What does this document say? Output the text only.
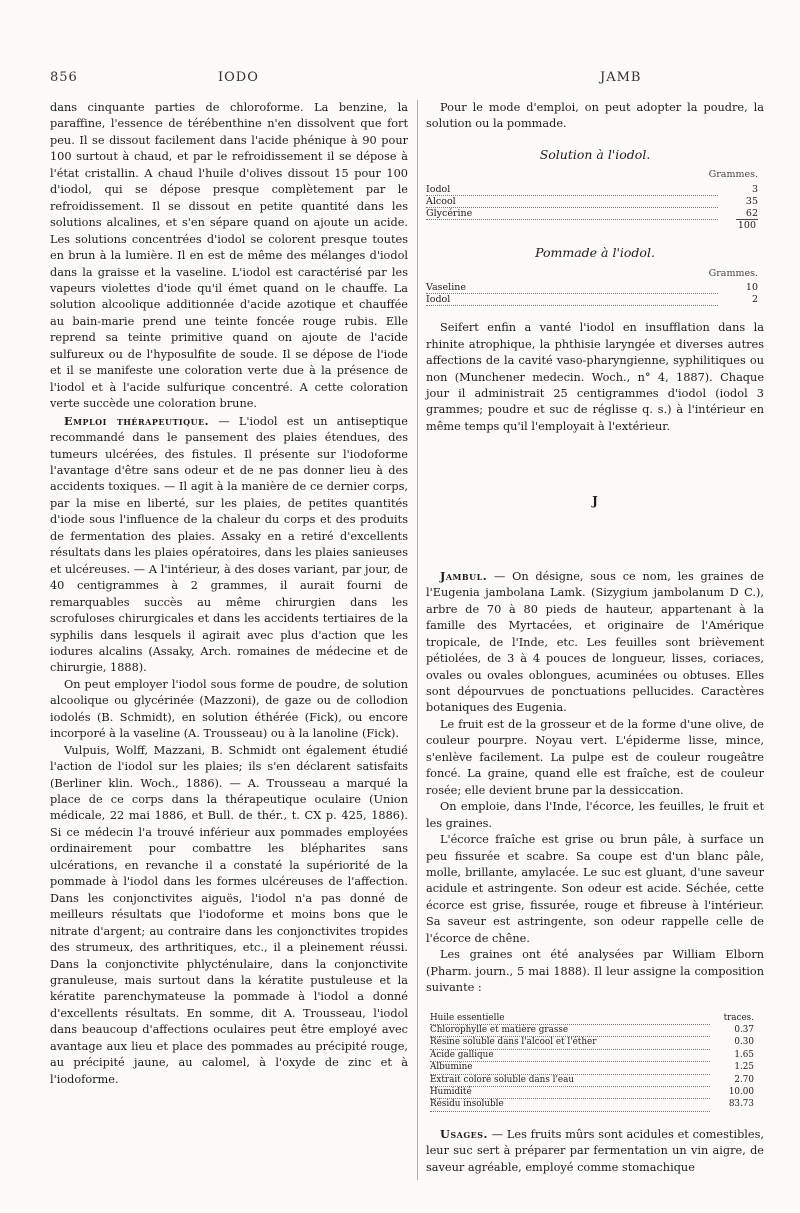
856	IODO	JAMB

dans cinquante parties de chloroforme. La benzine, la paraffine, l'essence de térébenthine n'en dissolvent que fort peu. Il se dissout facilement dans l'acide phénique à 90 pour 100 surtout à chaud, et par le refroidissement il se dépose à l'état cristallin. A chaud l'huile d'olives dissout 15 pour 100 d'iodol, qui se dépose presque complètement par le refroidissement. Il se dissout en petite quantité dans les solutions alcalines, et s'en sépare quand on ajoute un acide. Les solutions concentrées d'iodol se colorent presque toutes en brun à la lumière. Il en est de même des mélanges d'iodol dans la graisse et la vaseline. L'iodol est caractérisé par les vapeurs violettes d'iode qu'il émet quand on le chauffe. La solution alcoolique additionnée d'acide azotique et chauffée au bain-marie prend une teinte foncée rouge rubis. Elle reprend sa teinte primitive quand on ajoute de l'acide sulfureux ou de l'hyposulfite de soude. Il se dépose de l'iode et il se manifeste une coloration verte due à la présence de l'iodol et à l'acide sulfurique concentré. A cette coloration verte succède une coloration brune.

Emploi thérapeutique. — L'iodol est un antiseptique recommandé dans le pansement des plaies étendues, des tumeurs ulcérées, des fistules. Il présente sur l'iodoforme l'avantage d'être sans odeur et de ne pas donner lieu à des accidents toxiques. — Il agit à la manière de ce dernier corps, par la mise en liberté, sur les plaies, de petites quantités d'iode sous l'influence de la chaleur du corps et des produits de fermentation des plaies. Assaky en a retiré d'excellents résultats dans les plaies opératoires, dans les plaies sanieuses et ulcéreuses. — A l'intérieur, à des doses variant, par jour, de 40 centigrammes à 2 grammes, il aurait fourni de remarquables succès au même chirurgien dans les scrofuloses chirurgicales et dans les accidents tertiaires de la syphilis dans lesquels il agirait avec plus d'action que les iodures alcalins (Assaky, Arch. romaines de médecine et de chirurgie, 1888).

On peut employer l'iodol sous forme de poudre, de solution alcoolique ou glycérinée (Mazzoni), de gaze ou de collodion iodolés (B. Schmidt), en solution éthérée (Fick), ou encore incorporé à la vaseline (A. Trousseau) ou à la lanoline (Fick).

Vulpuis, Wolff, Mazzani, B. Schmidt ont également étudié l'action de l'iodol sur les plaies; ils s'en déclarent satisfaits (Berliner klin. Woch., 1886). — A. Trousseau a marqué la place de ce corps dans la thérapeutique oculaire (Union médicale, 22 mai 1886, et Bull. de thér., t. CX p. 425, 1886). Si ce médecin l'a trouvé inférieur aux pommades employées ordinairement pour combattre les blépharites sans ulcérations, en revanche il a constaté la supériorité de la pommade à l'iodol dans les formes ulcéreuses de l'affection. Dans les conjonctivites aiguës, l'iodol n'a pas donné de meilleurs résultats que l'iodoforme et moins bons que le nitrate d'argent; au contraire dans les conjonctivites tropides des strumeux, des arthritiques, etc., il a pleinement réussi. Dans la conjonctivite phlycténulaire, dans la conjonctivite granuleuse, mais surtout dans la kératite pustuleuse et la kératite parenchymateuse la pommade à l'iodol a donné d'excellents résultats. En somme, dit A. Trousseau, l'iodol dans beaucoup d'affections oculaires peut être employé avec avantage aux lieu et place des pommades au précipité rouge, au précipité jaune, au calomel, à l'oxyde de zinc et à l'iodoforme.

Pour le mode d'emploi, on peut adopter la poudre, la solution ou la pommade.

Solution à l'iodol.
Grammes.
Iodol	3
Alcool	35
Glycérine	62
	100
Pommade à l'iodol.
Grammes.
Vaseline	10
Iodol	2

Seifert enfin a vanté l'iodol en insufflation dans la rhinite atrophique, la phthisie laryngée et diverses autres affections de la cavité vaso-pharyngienne, syphilitiques ou non (Munchener medecin. Woch., n° 4, 1887). Chaque jour il administrait 25 centigrammes d'iodol (iodol 3 grammes; poudre et suc de réglisse q. s.) à l'intérieur en même temps qu'il l'employait à l'extérieur.

J

Jambul. — On désigne, sous ce nom, les graines de l'Eugenia jambolana Lamk. (Sizygium jambolanum D C.), arbre de 70 à 80 pieds de hauteur, appartenant à la famille des Myrtacées, et originaire de l'Amérique tropicale, de l'Inde, etc. Les feuilles sont brièvement pétiolées, de 3 à 4 pouces de longueur, lisses, coriaces, ovales ou ovales oblongues, acuminées ou obtuses. Elles sont dépourvues de ponctuations pellucides. Caractères botaniques des Eugenia.

Le fruit est de la grosseur et de la forme d'une olive, de couleur pourpre. Noyau vert. L'épiderme lisse, mince, s'enlève facilement. La pulpe est de couleur rougeâtre foncé. La graine, quand elle est fraîche, est de couleur rosée; elle devient brune par la dessiccation.

On emploie, dans l'Inde, l'écorce, les feuilles, le fruit et les graines.

L'écorce fraîche est grise ou brun pâle, à surface un peu fissurée et scabre. Sa coupe est d'un blanc pâle, molle, brillante, amylacée. Le suc est gluant, d'une saveur acidule et astringente. Son odeur est acide. Séchée, cette écorce est grise, fissurée, rouge et fibreuse à l'intérieur. Sa saveur est astringente, son odeur rappelle celle de l'écorce de chêne.

Les graines ont été analysées par William Elborn (Pharm. journ., 5 mai 1888). Il leur assigne la composition suivante :

Huile essentielle	traces.
Chlorophylle et matière grasse	0.37
Résine soluble dans l'alcool et l'éther	0.30
Acide gallique	1.65
Albumine	1.25
Extrait coloré soluble dans l'eau	2.70
Humidité	10.00
Résidu insoluble	83.73

Usages. — Les fruits mûrs sont acidules et comestibles, leur suc sert à préparer par fermentation un vin aigre, de saveur agréable, employé comme stomachique
